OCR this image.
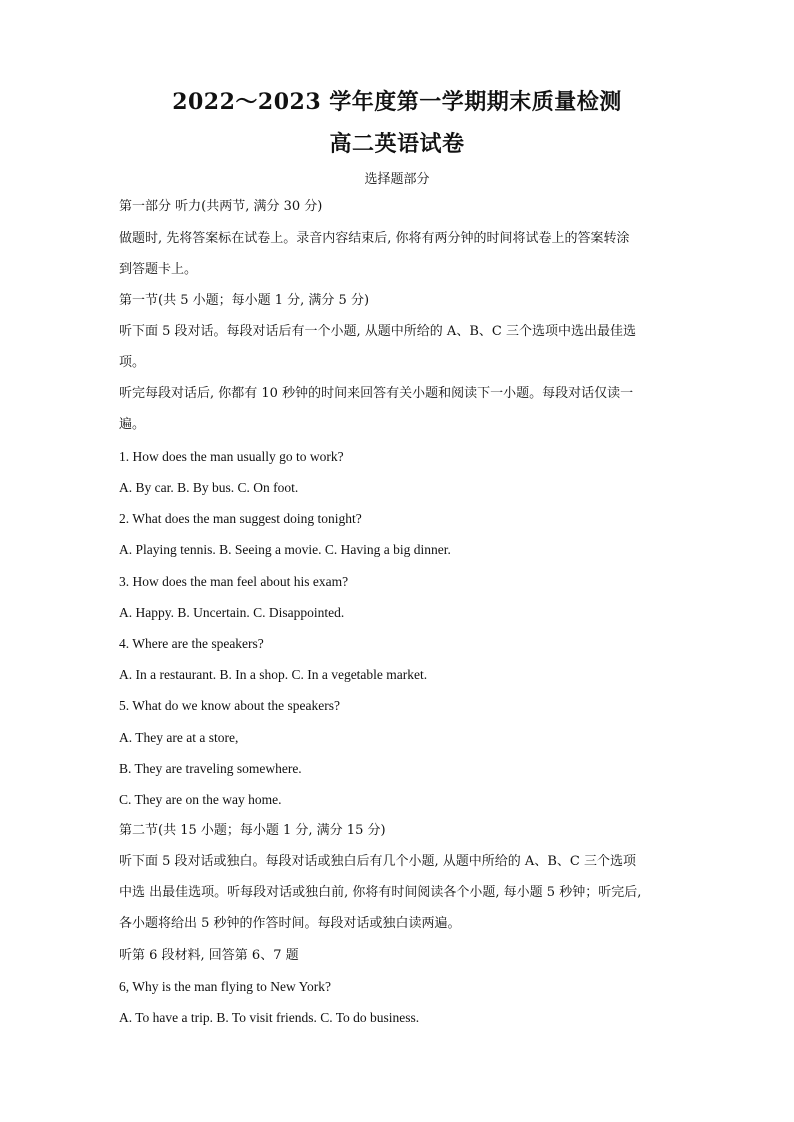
2022～2023 学年度第一学期期末质量检测
高二英语试卷
选择题部分
第一部分 听力(共两节, 满分 30 分)
做题时, 先将答案标在试卷上。录音内容结束后, 你将有两分钟的时间将试卷上的答案转涂
到答题卡上。
第一节(共 5 小题；每小题 1 分, 满分 5 分)
听下面 5 段对话。每段对话后有一个小题, 从题中所给的 A、B、C 三个选项中选出最佳选
项。
听完每段对话后, 你都有 10 秒钟的时间来回答有关小题和阅读下一小题。每段对话仅读一
遍。
1. How does the man usually go to work?
A. By car. B. By bus. C. On foot.
2. What does the man suggest doing tonight?
A. Playing tennis. B. Seeing a movie. C. Having a big dinner.
3. How does the man feel about his exam?
A. Happy. B. Uncertain. C. Disappointed.
4. Where are the speakers?
A. In a restaurant. B. In a shop. C. In a vegetable market.
5. What do we know about the speakers?
A. They are at a store,
B. They are traveling somewhere.
C. They are on the way home.
第二节(共 15 小题；每小题 1 分, 满分 15 分)
听下面 5 段对话或独白。每段对话或独白后有几个小题, 从题中所给的 A、B、C 三个选项
中选 出最佳选项。听每段对话或独白前, 你将有时间阅读各个小题, 每小题 5 秒钟；听完后,
各小题将给出 5 秒钟的作答时间。每段对话或独白读两遍。
听第 6 段材料, 回答第 6、7 题
6, Why is the man flying to New York?
A. To have a trip. B. To visit friends. C. To do business.
